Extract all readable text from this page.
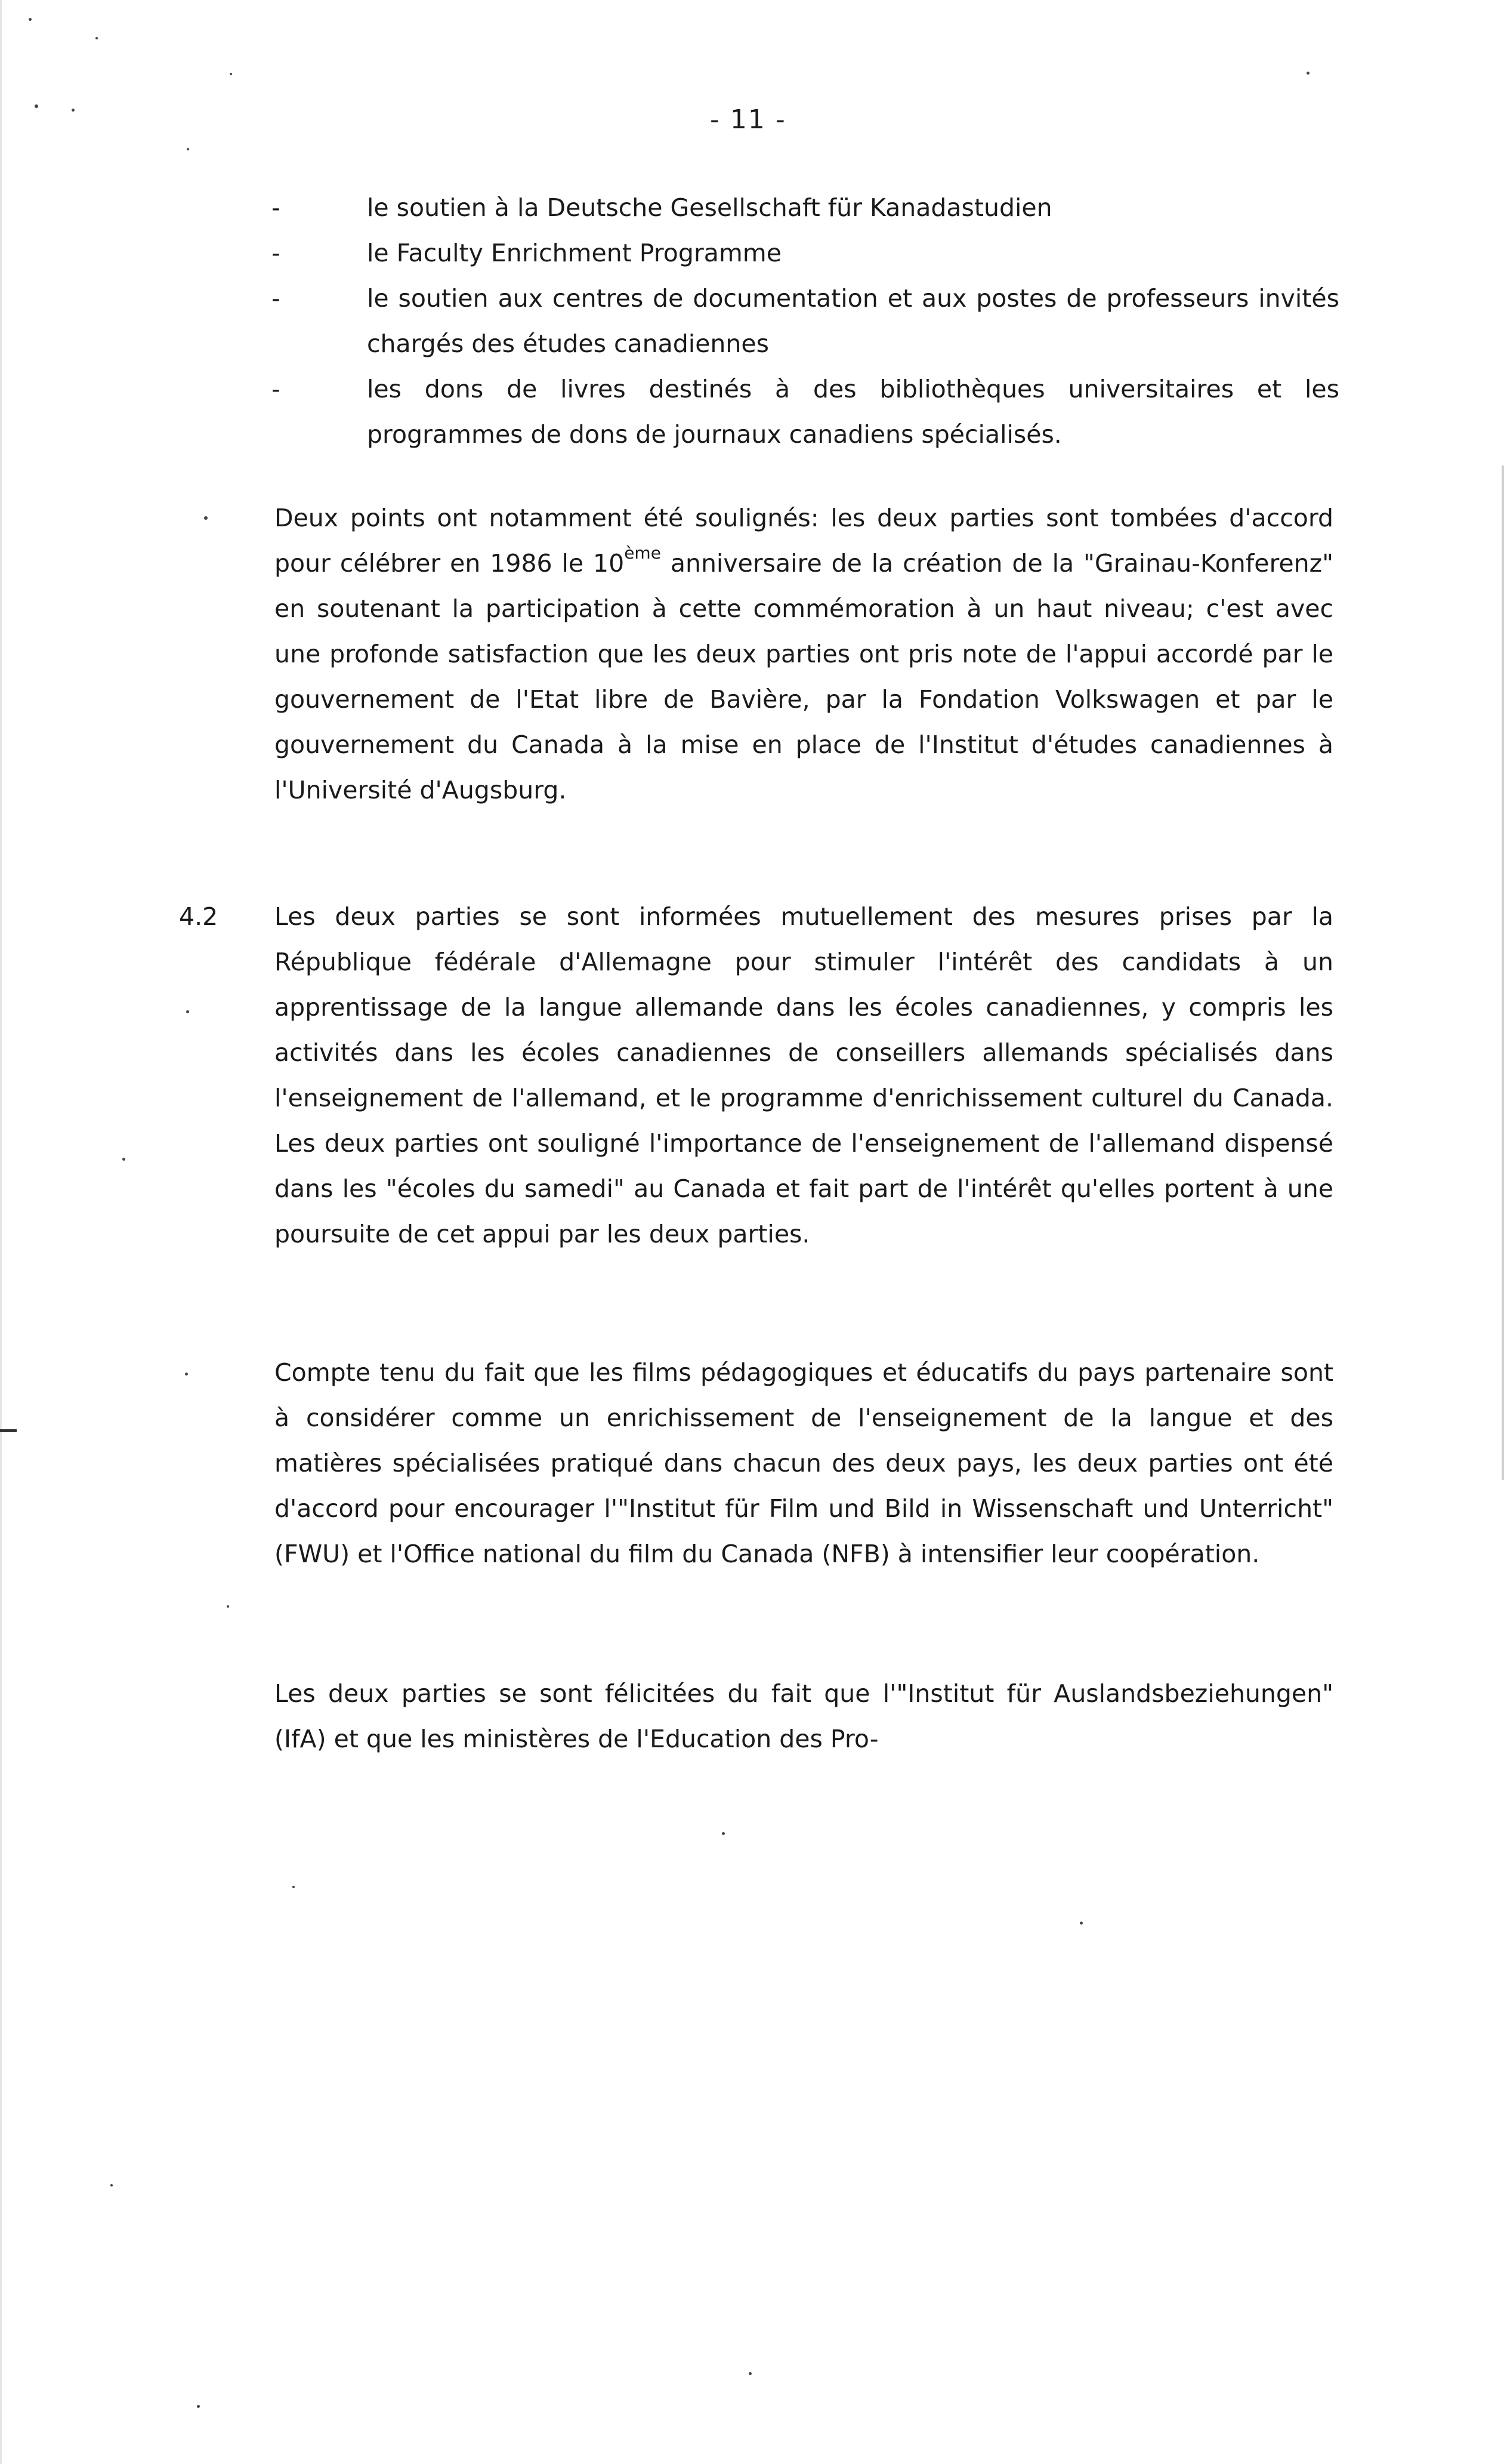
- 11 -
-	le soutien à la Deutsche Gesellschaft für Kanadastudien
-	le Faculty Enrichment Programme
-	le soutien aux centres de documentation et aux postes de professeurs invités chargés des études canadiennes
-	les dons de livres destinés à des bibliothèques universitaires et les programmes de dons de journaux canadiens spécialisés.
Deux points ont notamment été soulignés: les deux parties sont tombées d'accord pour célébrer en 1986 le 10ème anniversaire de la création de la "Grainau-Konferenz" en soutenant la participation à cette commémoration à un haut niveau; c'est avec une profonde satisfaction que les deux parties ont pris note de l'appui accordé par le gouvernement de l'Etat libre de Bavière, par la Fondation Volkswagen et par le gouvernement du Canada à la mise en place de l'Institut d'études canadiennes à l'Université d'Augsburg.
4.2 Les deux parties se sont informées mutuellement des mesures prises par la République fédérale d'Allemagne pour stimuler l'intérêt des candidats à un apprentissage de la langue allemande dans les écoles canadiennes, y compris les activités dans les écoles canadiennes de conseillers allemands spécialisés dans l'enseignement de l'allemand, et le programme d'enrichissement culturel du Canada. Les deux parties ont souligné l'importance de l'enseignement de l'allemand dispensé dans les "écoles du samedi" au Canada et fait part de l'intérêt qu'elles portent à une poursuite de cet appui par les deux parties.
Compte tenu du fait que les films pédagogiques et éducatifs du pays partenaire sont à considérer comme un enrichissement de l'enseignement de la langue et des matières spécialisées pratiqué dans chacun des deux pays, les deux parties ont été d'accord pour encourager l'"Institut für Film und Bild in Wissenschaft und Unterricht" (FWU) et l'Office national du film du Canada (NFB) à intensifier leur coopération.
Les deux parties se sont félicitées du fait que l'"Institut für Auslandsbeziehungen" (IfA) et que les ministères de l'Education des Pro-
